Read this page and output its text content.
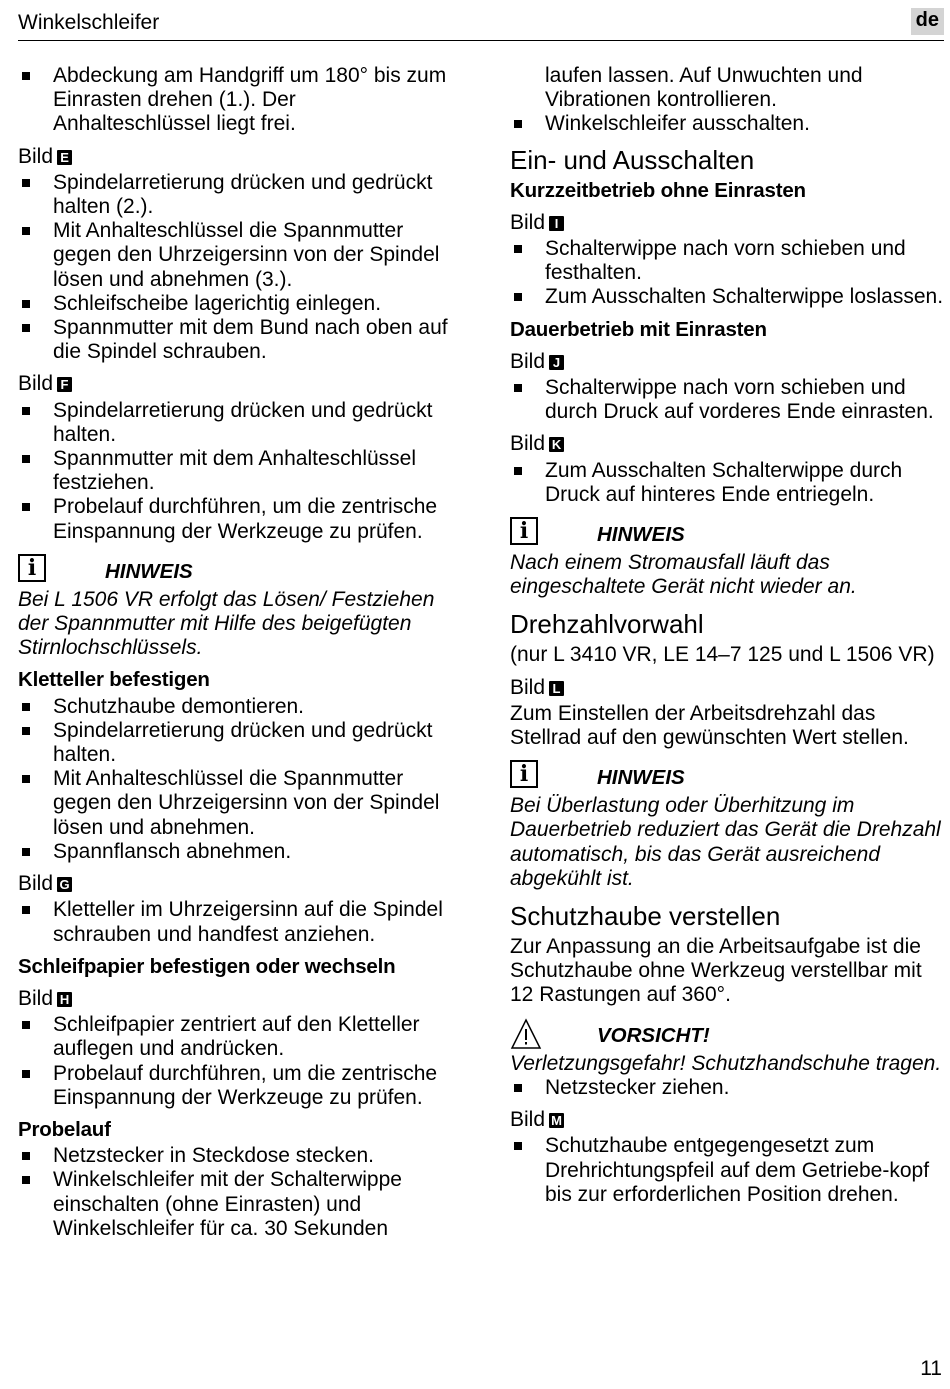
Winkelschleifer	de
Abdeckung am Handgriff um 180° bis zum Einrasten drehen (1.). Der Anhalteschlüssel liegt frei.
Bild E
Spindelarretierung drücken und gedrückt halten (2.).
Mit Anhalteschlüssel die Spannmutter gegen den Uhrzeigersinn von der Spindel lösen und abnehmen (3.).
Schleifscheibe lagerichtig einlegen.
Spannmutter mit dem Bund nach oben auf die Spindel schrauben.
Bild F
Spindelarretierung drücken und gedrückt halten.
Spannmutter mit dem Anhalteschlüssel festziehen.
Probelauf durchführen, um die zentrische Einspannung der Werkzeuge zu prüfen.
i	HINWEIS
Bei L 1506 VR erfolgt das Lösen/ Festziehen der Spannmutter mit Hilfe des beigefügten Stirnlochschlüssels.
Kletteller befestigen
Schutzhaube demontieren.
Spindelarretierung drücken und gedrückt halten.
Mit Anhalteschlüssel die Spannmutter gegen den Uhrzeigersinn von der Spindel lösen und abnehmen.
Spannflansch abnehmen.
Bild G
Kletteller im Uhrzeigersinn auf die Spindel schrauben und handfest anziehen.
Schleifpapier befestigen oder wechseln
Bild H
Schleifpapier zentriert auf den Kletteller auflegen und andrücken.
Probelauf durchführen, um die zentrische Einspannung der Werkzeuge zu prüfen.
Probelauf
Netzstecker in Steckdose stecken.
Winkelschleifer mit der Schalterwippe einschalten (ohne Einrasten) und Winkelschleifer für ca. 30 Sekunden
laufen lassen. Auf Unwuchten und Vibrationen kontrollieren.
Winkelschleifer ausschalten.
Ein- und Ausschalten
Kurzzeitbetrieb ohne Einrasten
Bild I
Schalterwippe nach vorn schieben und festhalten.
Zum Ausschalten Schalterwippe loslassen.
Dauerbetrieb mit Einrasten
Bild J
Schalterwippe nach vorn schieben und durch Druck auf vorderes Ende einrasten.
Bild K
Zum Ausschalten Schalterwippe durch Druck auf hinteres Ende entriegeln.
i	HINWEIS
Nach einem Stromausfall läuft das eingeschaltete Gerät nicht wieder an.
Drehzahlvorwahl
(nur L 3410 VR, LE 14–7 125 und L 1506 VR)
Bild L
Zum Einstellen der Arbeitsdrehzahl das Stellrad auf den gewünschten Wert stellen.
i	HINWEIS
Bei Überlastung oder Überhitzung im Dauerbetrieb reduziert das Gerät die Drehzahl automatisch, bis das Gerät ausreichend abgekühlt ist.
Schutzhaube verstellen
Zur Anpassung an die Arbeitsaufgabe ist die Schutzhaube ohne Werkzeug verstellbar mit 12 Rastungen auf 360°.
VORSICHT!
Verletzungsgefahr! Schutzhandschuhe tragen.
Netzstecker ziehen.
Bild M
Schutzhaube entgegengesetzt zum Drehrichtungspfeil auf dem Getriebe-kopf bis zur erforderlichen Position drehen.
11
